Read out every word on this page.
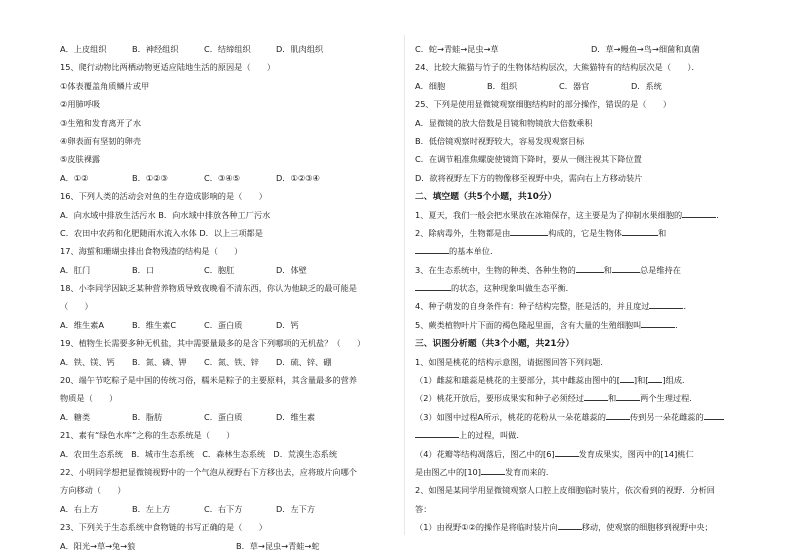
A．上皮组织	B．神经组织	C．结缔组织	D．肌肉组织
15、爬行动物比两栖动物更适应陆地生活的原因是（　　）
①体表覆盖角质鳞片或甲
②用肺呼吸
③生殖和发育离开了水
④卵表面有坚韧的卵壳
⑤皮肤裸露
A．①②	B．①②③	C．③④⑤	D．①②③④
16、下列人类的活动会对鱼的生存造成影响的是（　　）
A．向水域中排放生活污水 B．向水域中排放各种工厂污水
C．农田中农药和化肥随雨水流入水体 D．以上三项都是
17、海蜇和珊瑚虫排出食物残渣的结构是（　　）
A．肛门	B．口	C．胞肛	D．体壁
18、小李同学因缺乏某种营养物质导致夜晚看不清东西，你认为他缺乏的最可能是
（　　）
A．维生素A	B．维生素C	C．蛋白质	D．钙
19、植物生长需要多种无机盐，其中需要量最多的是含下列哪项的无机盐？（　　）
A．铁、镁、钙 B．氮、磷、钾 C．氮、铁、锌 D．硫、锌、硼
20、端午节吃粽子是中国的传统习俗，糯米是粽子的主要原料，其含量最多的营养
物质是（　　）
A．糖类	B．脂肪	C．蛋白质	D．维生素
21、素有“绿色水库”之称的生态系统是（　　）
A．农田生态系统　B．城市生态系统　C．森林生态系统　D．荒漠生态系统
22、小明同学想把显微镜视野中的一个气泡从视野右下方移出去，应将玻片向哪个
方向移动（　　）
A．右上方	B．左上方	C．右下方	D．左下方
23、下列关于生态系统中食物链的书写正确的是（　　）
A．阳光→草→兔→狼	B．草→昆虫→青蛙→蛇
C．蛇→青蛙→昆虫→草	D．草→鳗鱼→鸟→细菌和真菌
24、比较大熊猫与竹子的生物体结构层次，大熊猫特有的结构层次是（　　）．
A．细胞	B．组织	C．器官	D．系统
25、下列是使用显微镜观察细胞结构时的部分操作，错误的是（　　）
A．显微镜的放大倍数是目镜和物镜放大倍数乘积
B．低倍镜观察时视野较大，容易发现观察目标
C．在调节粗准焦螺旋使镜筒下降时，要从一侧注视其下降位置
D．欲将视野左下方的物像移至视野中央，需向右上方移动装片
二、填空题（共5个小题，共10分）
1、夏天，我们一般会把水果放在冰箱保存，这主要是为了抑制水果细胞的	．
2、除病毒外，生物都是由	构成的，它是生物体	和
的基本单位．
3、在生态系统中，生物的种类、各种生物的	和	总是维持在
的状态，这种现象叫做生态平衡．
4、种子萌发的自身条件有：种子结构完整，胚是活的，并且度过	．
5、蕨类植物叶片下面的褐色隆起里面，含有大量的生殖细胞叫	．
三、识图分析题（共3个小题，共21分）
1、如图是桃花的结构示意图，请据图回答下列问题．
（1）雌蕊和雄蕊是桃花的主要部分，其中雌蕊由图中的[ ]和[ ]组成．
（2）桃花开放后，要形成果实和种子必须经过	和	两个生理过程．
（3）如图中过程A所示，桃花的花粉从一朵花雄蕊的	传到另一朵花雌蕊的
上的过程，叫做．
（4）花瓣等结构凋落后，图乙中的[6]	发育成果实，图丙中的[14]桃仁
是由图乙中的[10]	发育而来的．
2、如图是某同学用显微镜观察人口腔上皮细胞临时装片，依次看到的视野．分析回
答：
（1）由视野①②的操作是将临时装片向	移动，使观察的细胞移到视野中央；
